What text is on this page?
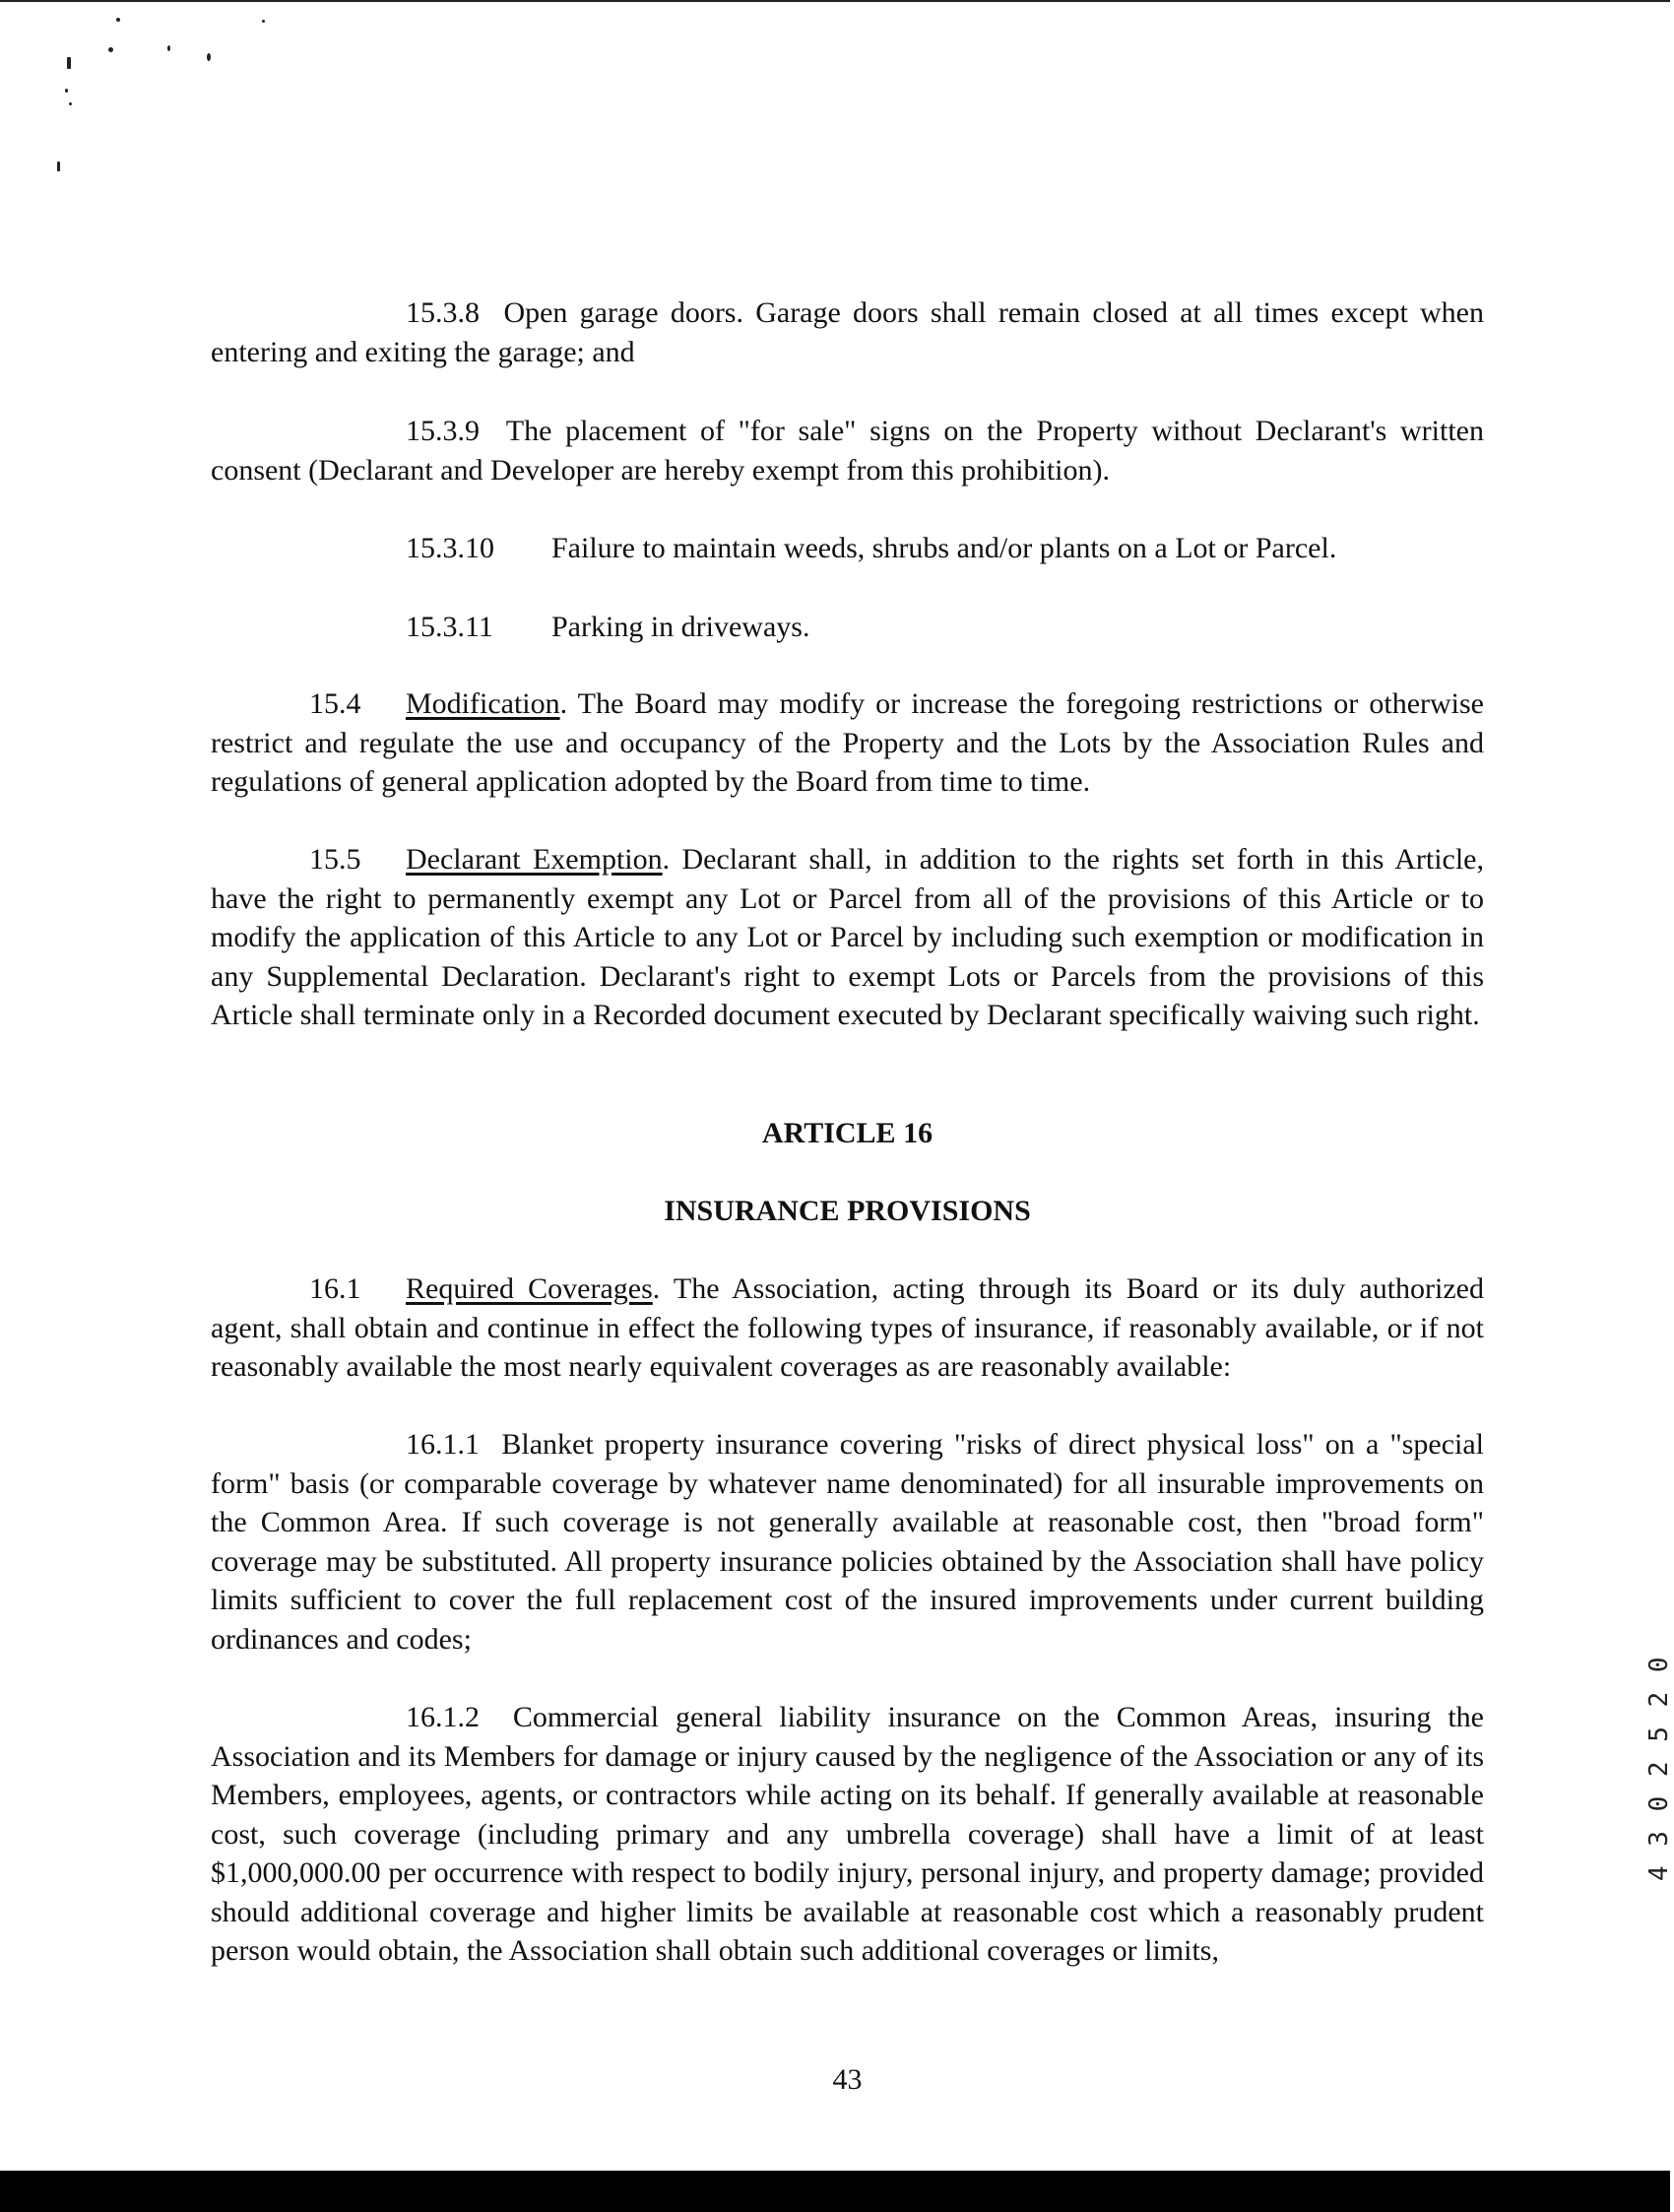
15.3.8 Open garage doors. Garage doors shall remain closed at all times except when entering and exiting the garage; and

15.3.9 The placement of "for sale" signs on the Property without Declarant's written consent (Declarant and Developer are hereby exempt from this prohibition).

15.3.10 Failure to maintain weeds, shrubs and/or plants on a Lot or Parcel.
15.3.11 Parking in driveways.

15.4 Modification. The Board may modify or increase the foregoing restrictions or otherwise restrict and regulate the use and occupancy of the Property and the Lots by the Association Rules and regulations of general application adopted by the Board from time to time.

15.5 Declarant Exemption. Declarant shall, in addition to the rights set forth in this Article, have the right to permanently exempt any Lot or Parcel from all of the provisions of this Article or to modify the application of this Article to any Lot or Parcel by including such exemption or modification in any Supplemental Declaration. Declarant's right to exempt Lots or Parcels from the provisions of this Article shall terminate only in a Recorded document executed by Declarant specifically waiving such right.

ARTICLE 16
INSURANCE PROVISIONS

16.1 Required Coverages. The Association, acting through its Board or its duly authorized agent, shall obtain and continue in effect the following types of insurance, if reasonably available, or if not reasonably available the most nearly equivalent coverages as are reasonably available:

16.1.1 Blanket property insurance covering "risks of direct physical loss" on a "special form" basis (or comparable coverage by whatever name denominated) for all insurable improvements on the Common Area. If such coverage is not generally available at reasonable cost, then "broad form" coverage may be substituted. All property insurance policies obtained by the Association shall have policy limits sufficient to cover the full replacement cost of the insured improvements under current building ordinances and codes;

16.1.2 Commercial general liability insurance on the Common Areas, insuring the Association and its Members for damage or injury caused by the negligence of the Association or any of its Members, employees, agents, or contractors while acting on its behalf. If generally available at reasonable cost, such coverage (including primary and any umbrella coverage) shall have a limit of at least $1,000,000.00 per occurrence with respect to bodily injury, personal injury, and property damage; provided should additional coverage and higher limits be available at reasonable cost which a reasonably prudent person would obtain, the Association shall obtain such additional coverages or limits,

4 3 0 2 5 2 0
43
